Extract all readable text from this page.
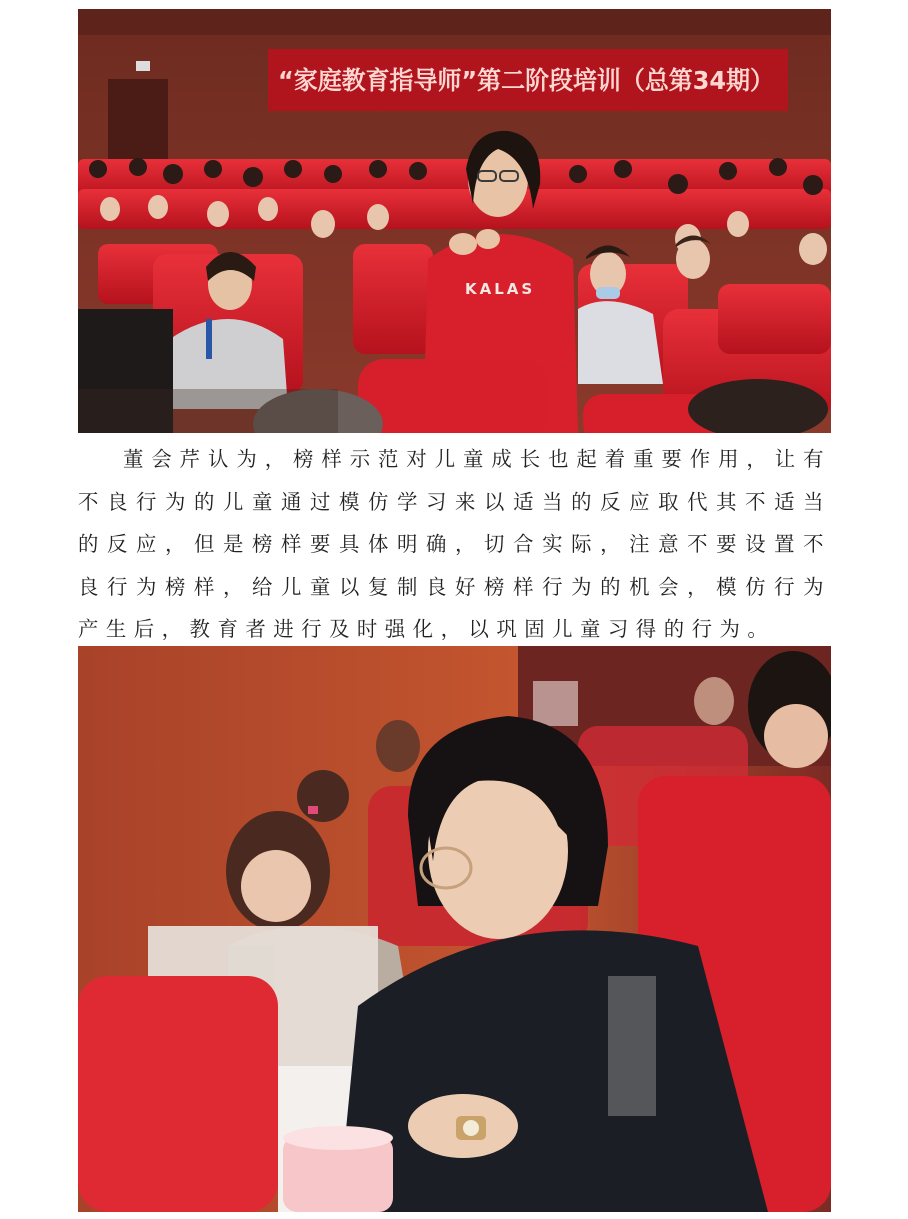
“家庭教育指导师”第二阶段培训（总第34期）
KALAS

董会芹认为，榜样示范对儿童成长也起着重要作用，让有不良行为的儿童通过模仿学习来以适当的反应取代其不适当的反应，但是榜样要具体明确，切合实际，注意不要设置不良行为榜样，给儿童以复制良好榜样行为的机会，模仿行为产生后，教育者进行及时强化，以巩固儿童习得的行为。
